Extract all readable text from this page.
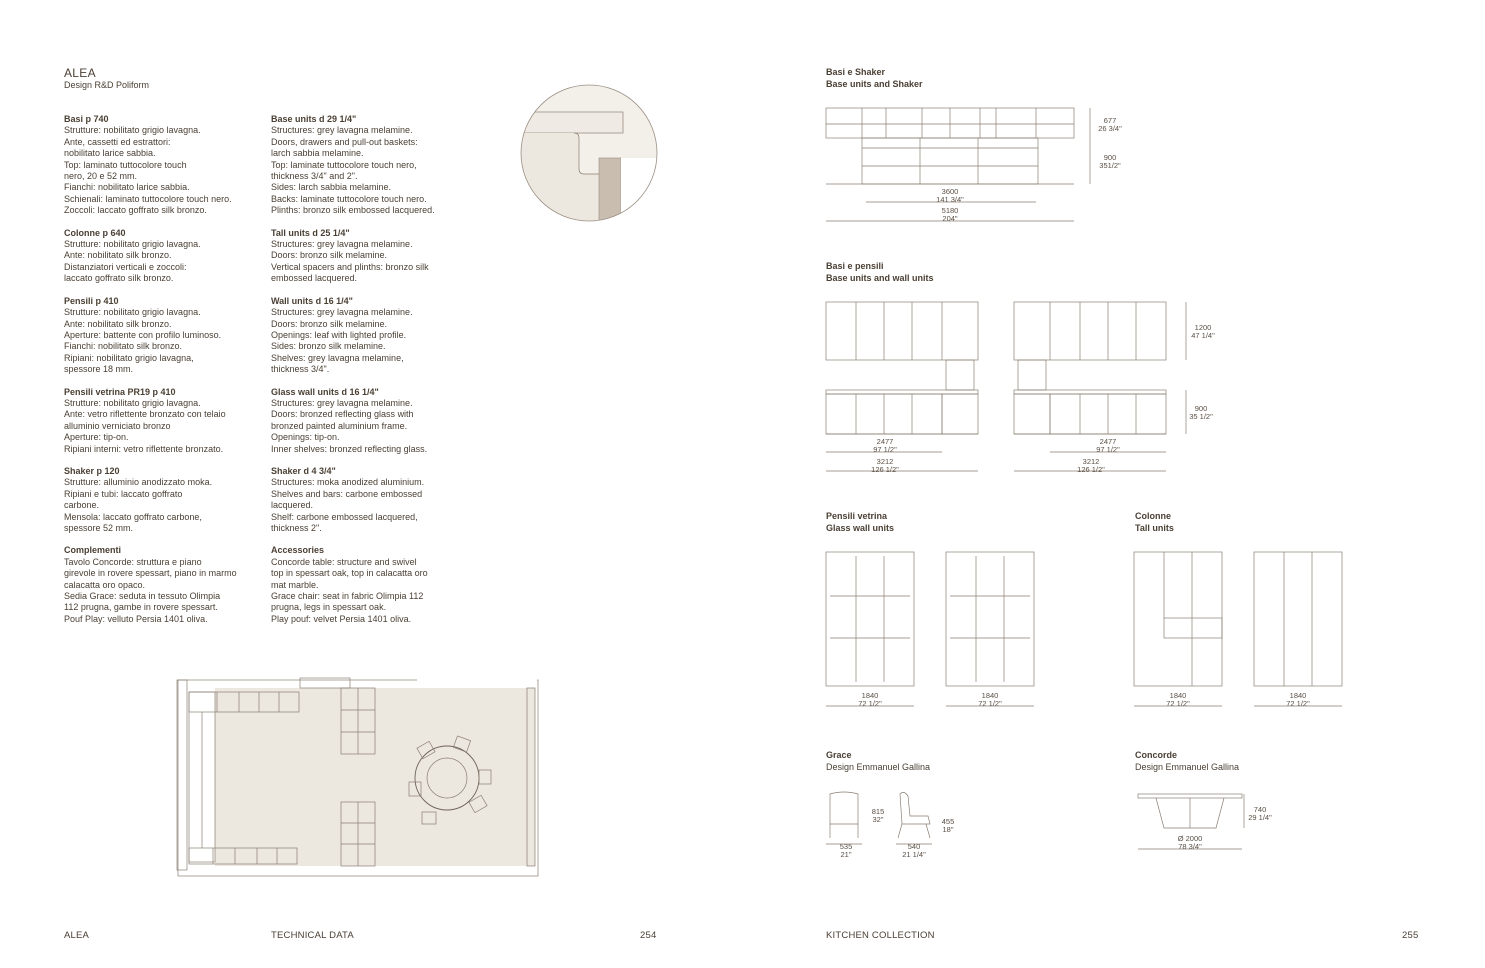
ALEA
Design R&D Poliform
Basi p 740
Strutture: nobilitato grigio lavagna.
Ante, cassetti ed estrattori:
nobilitato larice sabbia.
Top: laminato tuttocolore touch
nero, 20 e 52 mm.
Fianchi: nobilitato larice sabbia.
Schienali: laminato tuttocolore touch nero.
Zoccoli: laccato goffrato silk bronzo.
Colonne p 640
Strutture: nobilitato grigio lavagna.
Ante: nobilitato silk bronzo.
Distanziatori verticali e zoccoli:
laccato goffrato silk bronzo.
Pensili p 410
Strutture: nobilitato grigio lavagna.
Ante: nobilitato silk bronzo.
Aperture: battente con profilo luminoso.
Fianchi: nobilitato silk bronzo.
Ripiani: nobilitato grigio lavagna,
spessore 18 mm.
Pensili vetrina PR19 p 410
Strutture: nobilitato grigio lavagna.
Ante: vetro riflettente bronzato con telaio
alluminio verniciato bronzo
Aperture: tip-on.
Ripiani interni: vetro riflettente bronzato.
Shaker p 120
Strutture: alluminio anodizzato moka.
Ripiani e tubi: laccato goffrato
carbone.
Mensola: laccato goffrato carbone,
spessore 52 mm.
Complementi
Tavolo Concorde: struttura e piano
girevole in rovere spessart, piano in marmo
calacatta oro opaco.
Sedia Grace: seduta in tessuto Olimpia
112 prugna, gambe in rovere spessart.
Pouf Play: velluto Persia 1401 oliva.
Base units d 29 1/4"
Structures: grey lavagna melamine.
Doors, drawers and pull-out baskets:
larch sabbia melamine.
Top: laminate tuttocolore touch nero,
thickness 3/4" and 2".
Sides: larch sabbia melamine.
Backs: laminate tuttocolore touch nero.
Plinths: bronzo silk embossed lacquered.
Tall units d 25 1/4"
Structures: grey lavagna melamine.
Doors: bronzo silk melamine.
Vertical spacers and plinths: bronzo silk
embossed lacquered.
Wall units d 16 1/4"
Structures: grey lavagna melamine.
Doors: bronzo silk melamine.
Openings: leaf with lighted profile.
Sides: bronzo silk melamine.
Shelves: grey lavagna melamine,
thickness 3/4".
Glass wall units d 16 1/4"
Structures: grey lavagna melamine.
Doors: bronzed reflecting glass with
bronzed painted aluminium frame.
Openings: tip-on.
Inner shelves: bronzed reflecting glass.
Shaker d 4 3/4"
Structures: moka anodized aluminium.
Shelves and bars: carbone embossed
lacquered.
Shelf: carbone embossed lacquered,
thickness 2".
Accessories
Concorde table: structure and swivel
top in spessart oak, top in calacatta oro
mat marble.
Grace chair: seat in fabric Olimpia 112
prugna, legs in spessart oak.
Play pouf: velvet Persia 1401 oliva.
Basi e Shaker
Base units and Shaker
677
26 3/4"
900
351/2"
3600
141 3/4"
5180
204"
Basi e pensili
Base units and wall units
1200
47 1/4"
900
35 1/2"
2477
97 1/2"
3212
126 1/2"
2477
97 1/2"
3212
126 1/2"
Pensili vetrina
Glass wall units
1840
72 1/2"
1840
72 1/2"
Colonne
Tall units
1840
72 1/2"
1840
72 1/2"
Grace
Design Emmanuel Gallina
815
32"	455
18"
535
21"
540
21 1/4"
Concorde
Design Emmanuel Gallina
740
29 1/4"
Ø 2000
78 3/4"
ALEA	TECHNICAL DATA	254	KITCHEN COLLECTION	255
